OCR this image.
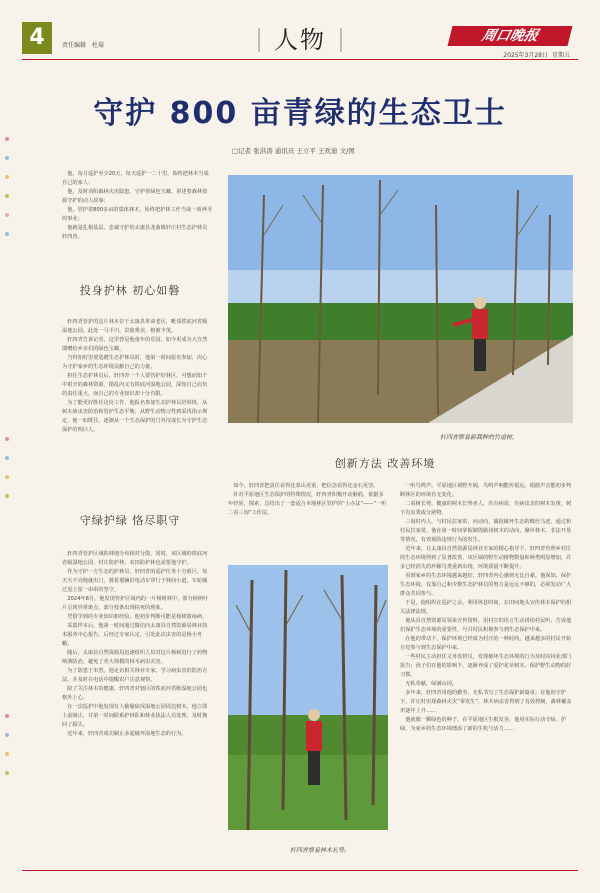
4	责任编辑 杜莓	人物	周口晚报
2025年3月28日 星期五
守护 800 亩青绿的生态卫士
□记者 张洪涛 通讯员 王立平 王欢迪 文/图

他，每月巡护至少20天，每天巡护一二十里，始终把林木当成自己的家人；

他，及时劝阻森林火灾隐患，守护着绿色宝藏，讲述着森林资源守护的动人故事；

他，管护着800多亩的集体林木，始终把护林工作当成一项神圣的事业；

他就是扎根基层、忠诚守护的太康县龙曲镇轩庄村生态护林员轩四青。

投身护林 初心如磐

轩四青管护的这片林木位于太康县革命老区，毗邻铁底河省级湿地公园，此处一马平川，景致秀美，植被丰茂。

轩四青告诉记者，这里曾是他童年的乐园，如今更成为大自然馈赠给乡亲们的绿色宝藏。

当得知村里要选聘生态护林员时，他第一时间报名参加，决心为守护家乡的生态环境贡献自己的力量。

担任生态护林员后，轩四青一个人要管护好林区，可想而知个中艰辛的森林资源，错乱内又有铁底河湿地公园，深知自己肩负的责任重大，而自己的专业知识却十分有限。

为了能更好胜任这份工作，他报名参加生态护林员培训班，从树木病虫害防治和管护生态平衡，从野生动物习性到采伐指示规定，他一如既往，逐渐从一个生态保护的门外汉成长为守护生态保护的明白人。

守绿护绿 恪尽职守

轩四青管护区域的林地分布相对分散，同时，该区域的铁底河省级湿地公园、村庄防护林、农田防护林也需要他守护。

作为守护一方生态的护林员，轩四青的巡护任务十分艰巨，每天天不亮他就出门，骑着那辆旧电动车穿行于林间小道，车轮碾过泥土留一串串的坚守。

2024年8月，他发现管护区域内的一片杨树林中，部分杨树叶片呈现异常斑点，部分枝条出现枯死的现象。

凭借学到的专业知识和经验，他初步判断可能是杨树溃疡病。

采集样本后，他第一时间通过微信向太康县自然资源局林业技术服务中心报告。后经过专家认定，引发此次虫害的是杨小舟蛾。

随后，太康县自然资源局迅速组织人员对这片杨树进行了药物喷洒防治，避免了更大规模的林木病虫灾害。

为了防患于未然，他走访相关林业专家，学习病虫害的防治方法，并及时在电话中提醒农户注意观察。

除了关注林木的健康，轩四青对辖区的铁底河省级湿地公园也格外上心。

在一次巡护中他发现有人偷偷砍伐湿地公园周边树木，他立即上前制止，并第一时间联系护林队和林业执法人员处理，及时挽回了损失。

近年来，轩四青成功制止多起破坏湿地生态的行为。

轩四青察看新栽种的竹道树。
创新方法 改善环境

如今，轩四青把责任看得比泰山更重，把信念看得比金石更坚。

针对平原地区生态保护的特殊情况，轩四青积极开动脑筋，依据多年经验，探索、总结出了一套适合本地林区管护的“土办法”——“一听二看三询”工作法。

轩四青察看林木长势。

一听鸟鸣声，平原地区视野开阔，鸟鸣声响能传很远，根据声音能初步判断林区的环境有无变化。

二看树长势，健康的树木长势喜人，若有病苗，有病虫害的树木发黄，树下有虫粪或分泌物。

三询村内人，与村民拉家常，问动向，捕捉破坏生态的蛛丝马迹。通过和村民拉家常，他在第一时间掌握制毁偷伐树木的动向，聚坏林木、非法开垦等情况，有效预防违规行为的发生。

近年来，在太康县自然资源局林业专家的精心指导下，轩四青管理乡村庄的生态环境得到了显著改善，该区域的野生动植物数量和种类明显增加，许多已经消失的珍稀鸟类重新出现，环境质量不断提升。

看到家乡的生态环境越来越好，轩四青内心感到无比自豪。他深知，保护生态环境，仅靠自己和少数生态护林员的努力是远远不够的，必须发动广大群众共同参与。

于是，他组织在巡护之余，利用休息时间，在田间地头宣传林木保护的相关法律法规。

他从县自然资源局领来宣传资料，用村宣的语言生动讲给村民听，告诉他们保护生态环境的重要性，号召村民积极参与到生态保护中来。

在他的带动下，保护环境已经成为村庄的一种时尚，越来越多的村民开始自觉参与到生态保护中来。

一些村民主动担任义务监督员，发现破坏生态环境的行为及时向林业部门报告；孩子们在他的影响下，逐渐养成了爱护花草树木、保护野生动物的好习惯。

无私奉献，绿满山冈。

多年来，轩四青用他的勤劳，无私书写了生态保护新篇章。在他的守护下，许庄村实现森林火灾“零发生”，林木病虫害得到了有效控制，森林覆盖率逐年上升……

他就像一颗绿色的种子，在平原地区生根发芽，他用实际行动守绿、护绿，为家乡的生态环境增添了新的生机与活力……
